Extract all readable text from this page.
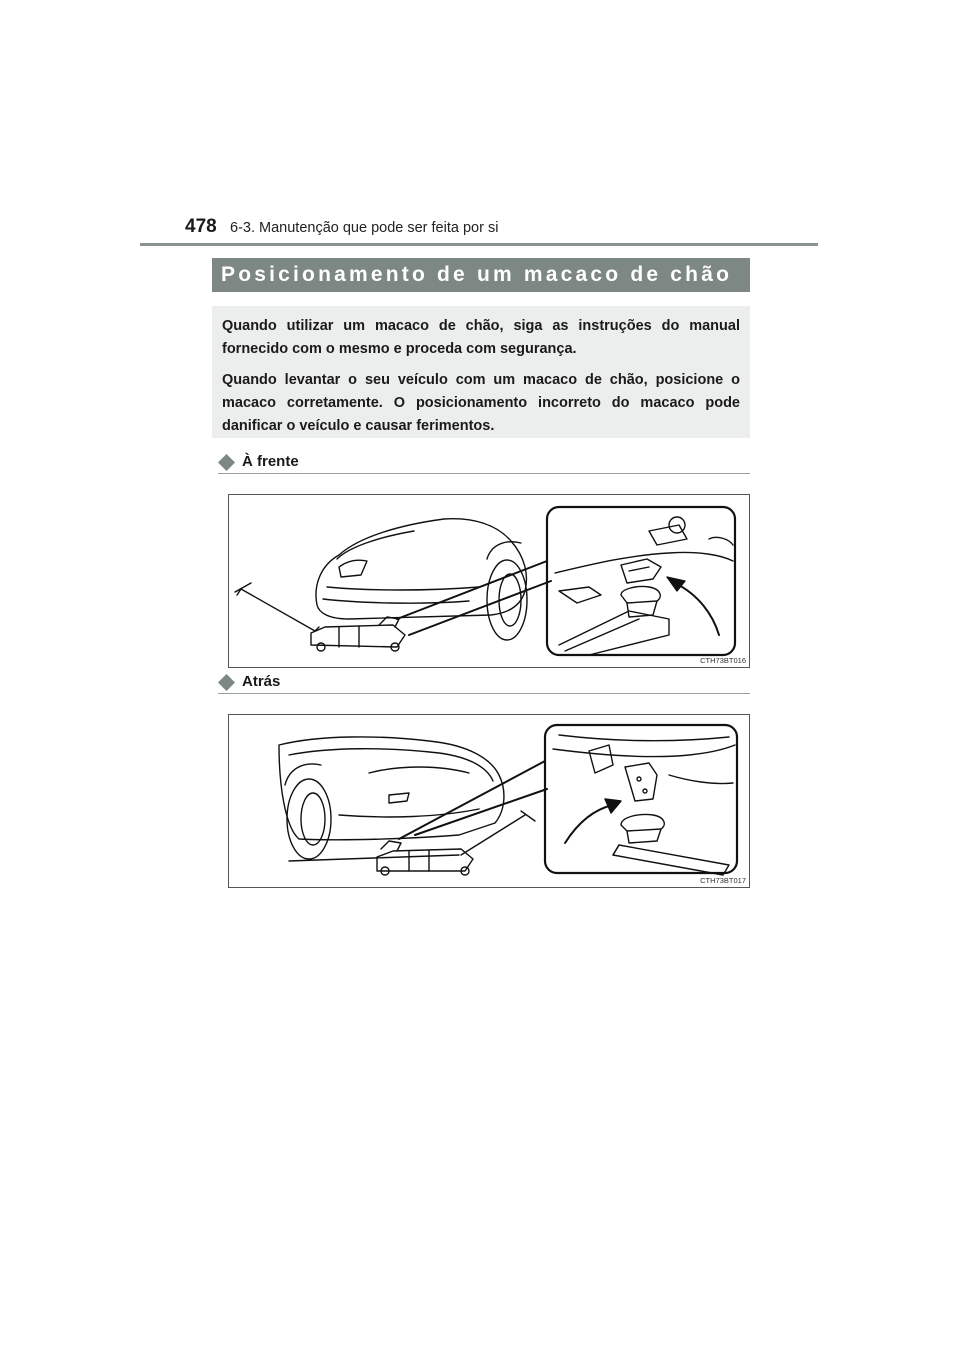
478 6-3. Manutenção que pode ser feita por si
Posicionamento de um macaco de chão

Quando utilizar um macaco de chão, siga as instruções do manual fornecido com o mesmo e proceda com segurança.

Quando levantar o seu veículo com um macaco de chão, posicione o macaco corretamente. O posicionamento incorreto do macaco pode danificar o veículo e causar ferimentos.

À frente
CTH73BT016
Atrás
CTH73BT017
